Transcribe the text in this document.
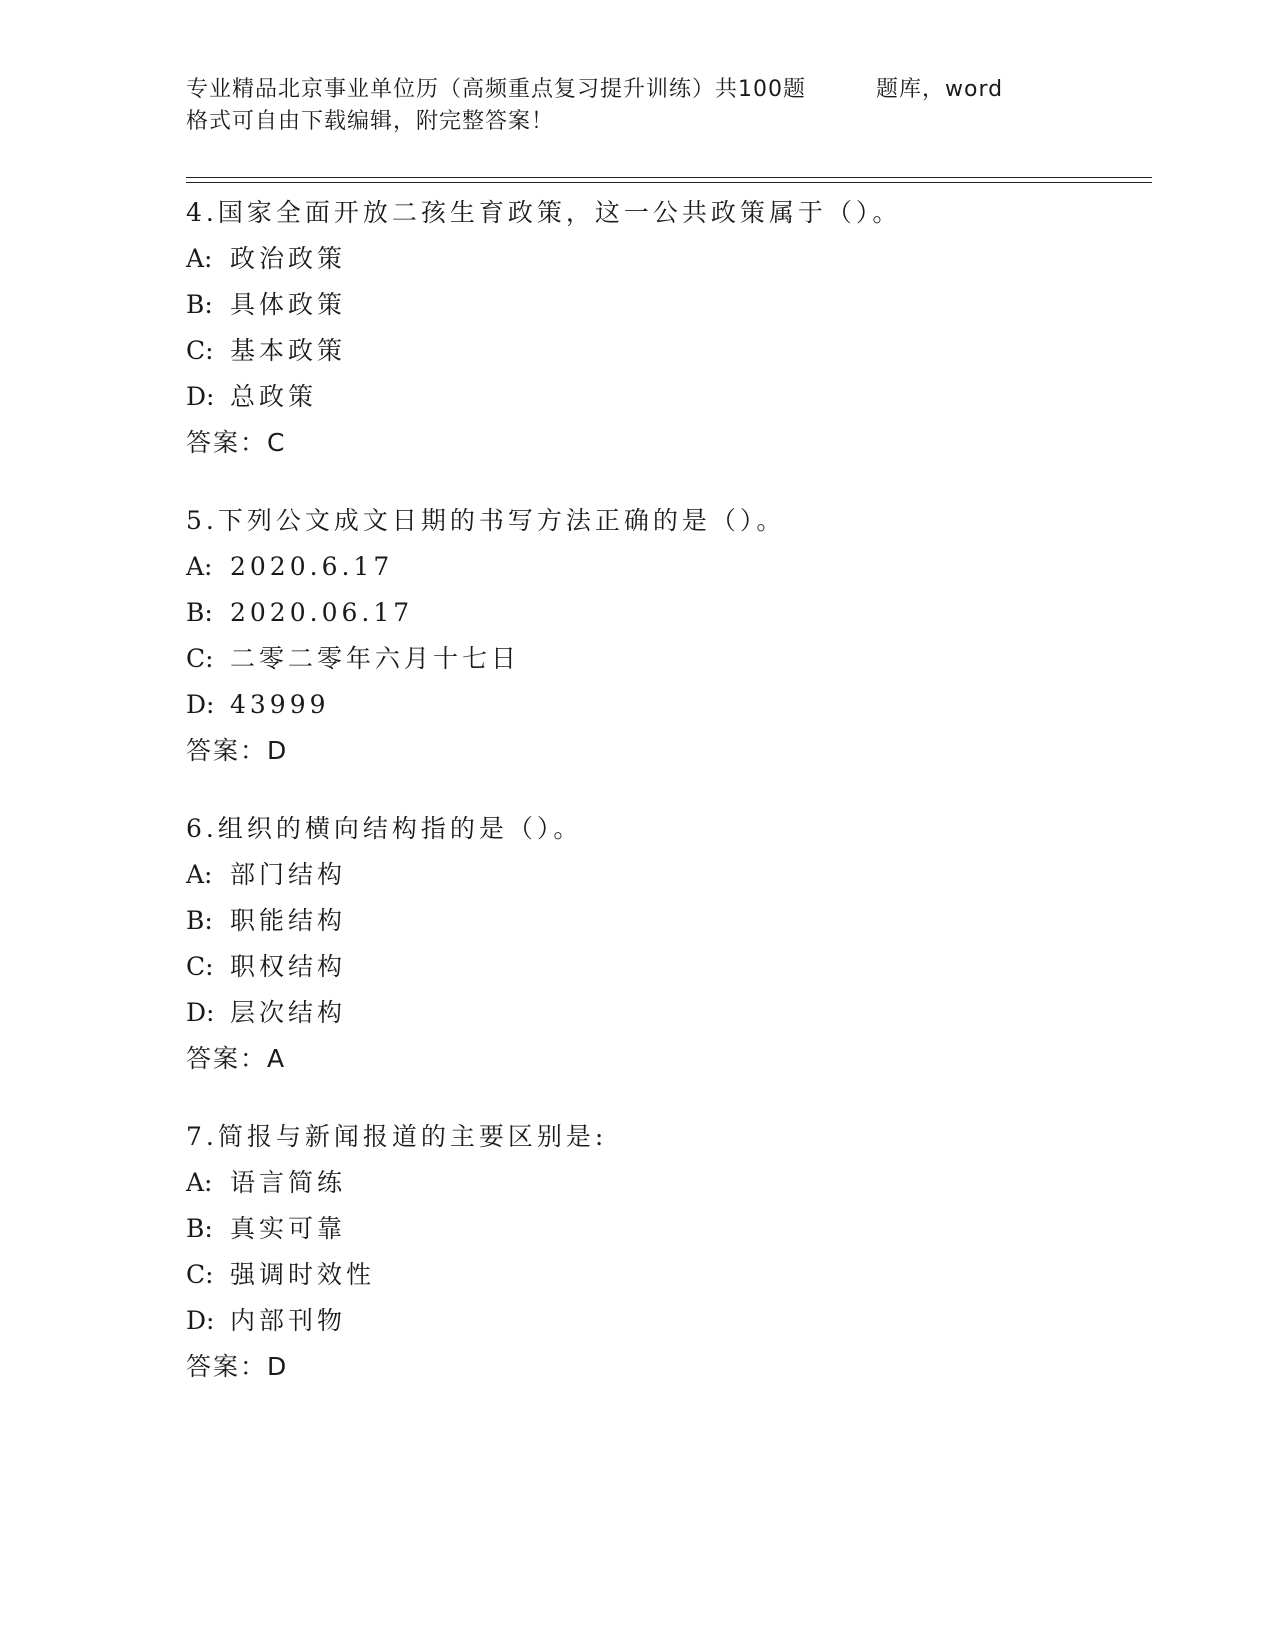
专业精品北京事业单位历（高频重点复习提升训练）共100题	题库，word
格式可自由下载编辑，附完整答案！
4.国家全面开放二孩生育政策，这一公共政策属于（）。
A: 政治政策
B: 具体政策
C: 基本政策
D: 总政策
答案：C
5.下列公文成文日期的书写方法正确的是（）。
A: 2020.6.17
B: 2020.06.17
C: 二零二零年六月十七日
D: 43999
答案：D
6.组织的横向结构指的是（）。
A: 部门结构
B: 职能结构
C: 职权结构
D: 层次结构
答案：A
7.简报与新闻报道的主要区别是:
A: 语言简练
B: 真实可靠
C: 强调时效性
D: 内部刊物
答案：D
